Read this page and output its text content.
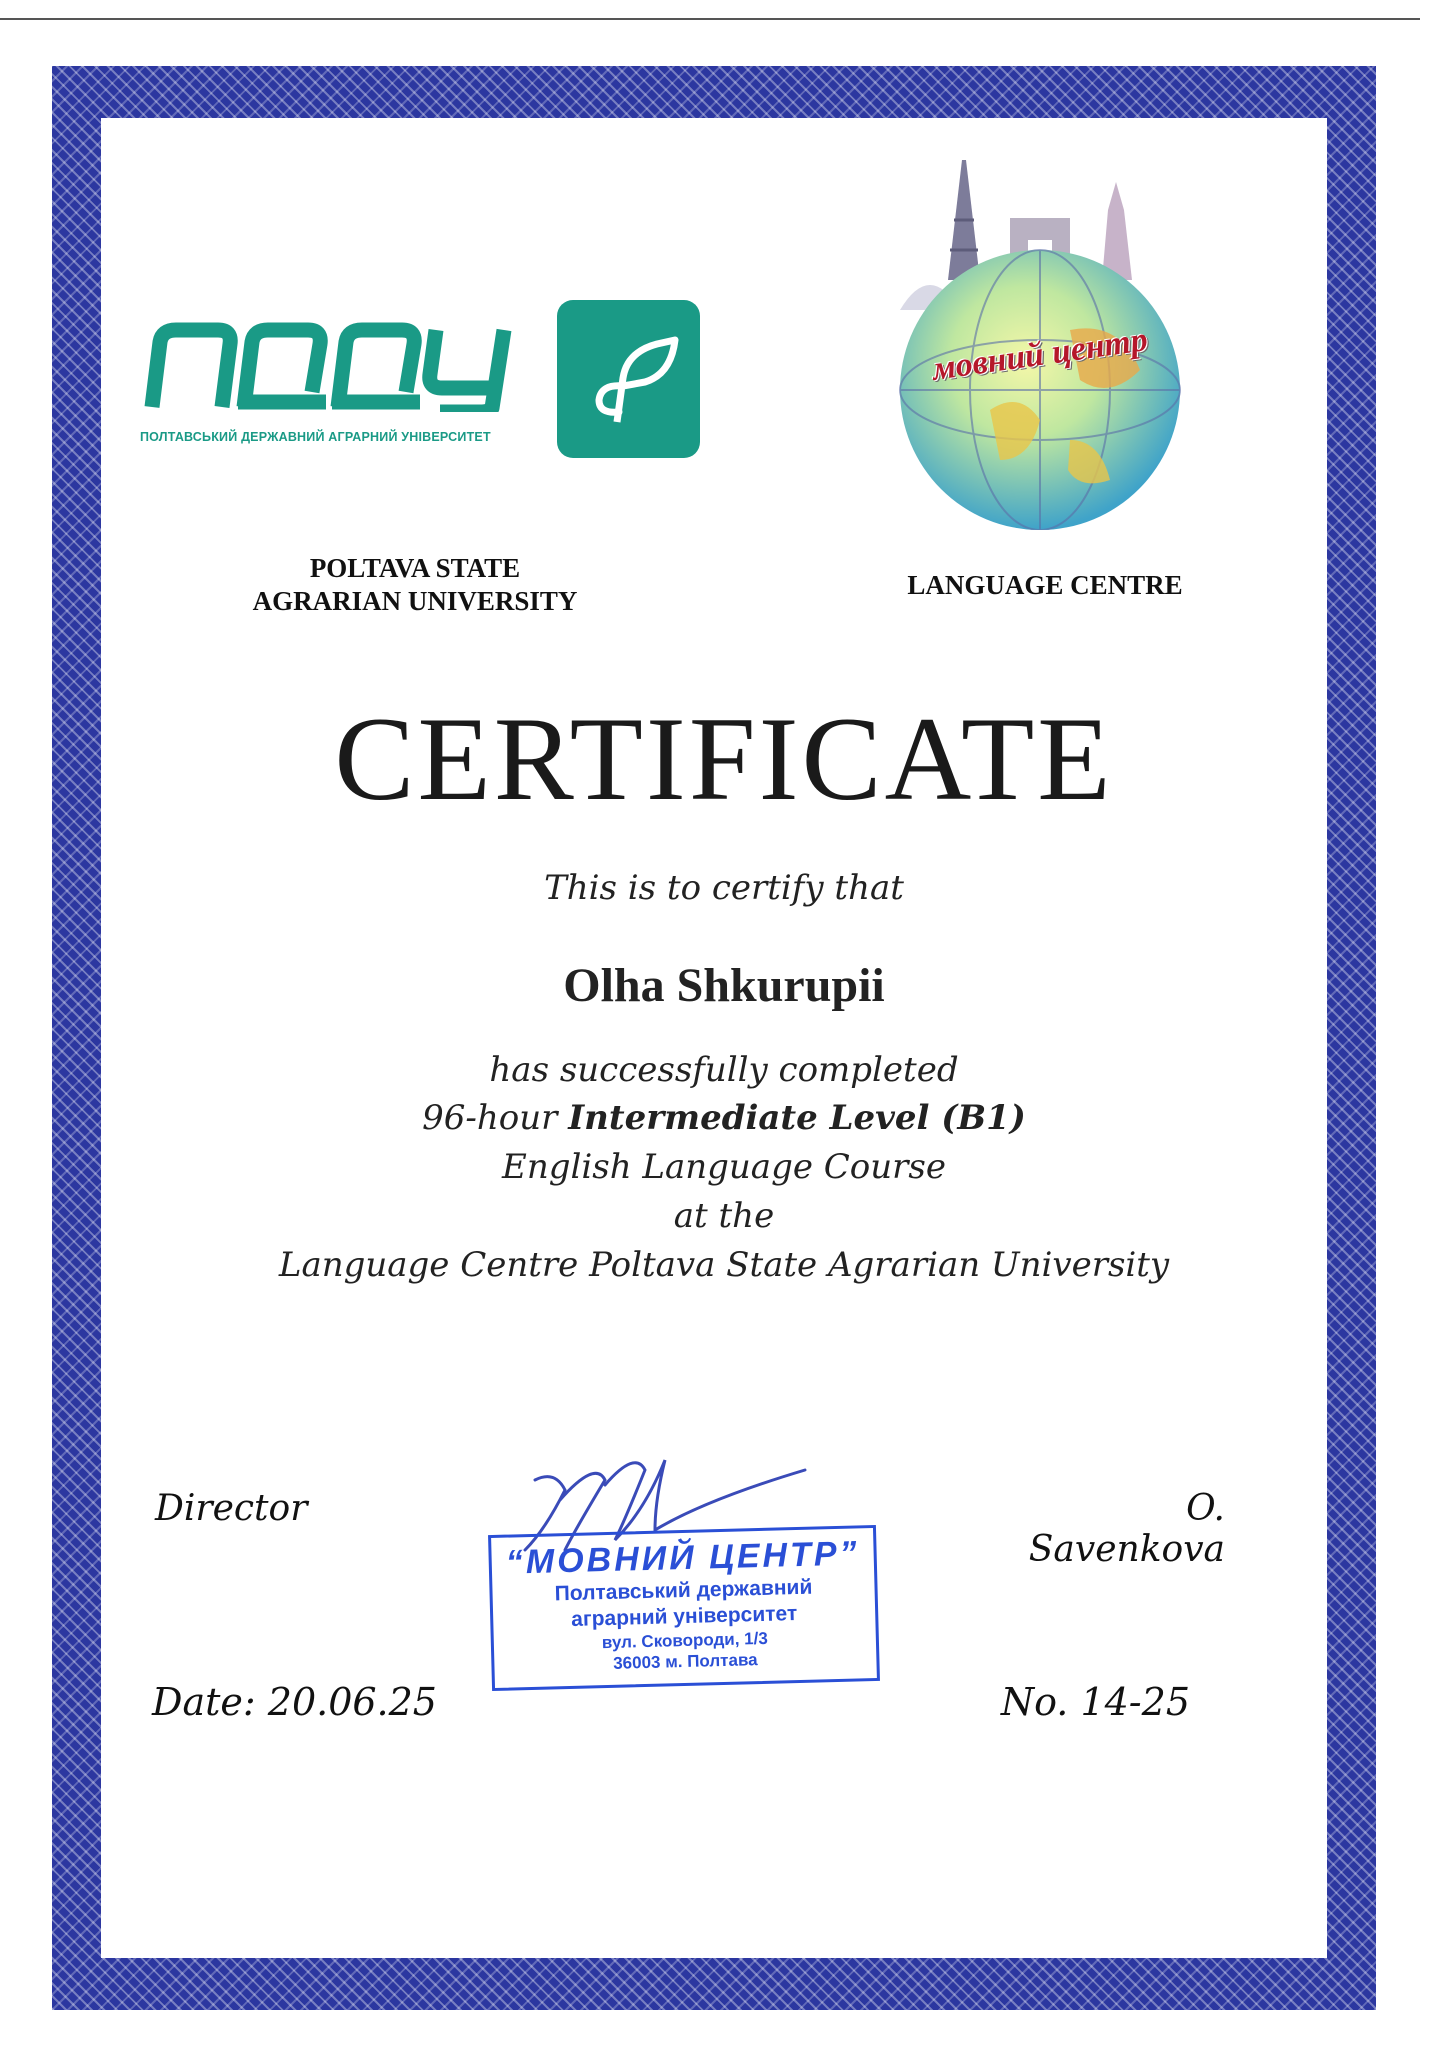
ПОЛТАВСЬКИЙ ДЕРЖАВНИЙ АГРАРНИЙ УНІВЕРСИТЕТ
мовний центр
POLTAVA STATE
AGRARIAN UNIVERSITY
LANGUAGE CENTRE
CERTIFICATE
This is to certify that
Olha Shkurupii
has successfully completed
96-hour Intermediate Level (B1)
English Language Course
at the
Language Centre Poltava State Agrarian University
Director	O. Savenkova
“МОВНИЙ ЦЕНТР”
Полтавський державний
аграрний університет
вул. Сковороди, 1/3
36003 м. Полтава
Date: 20.06.25	No. 14-25
